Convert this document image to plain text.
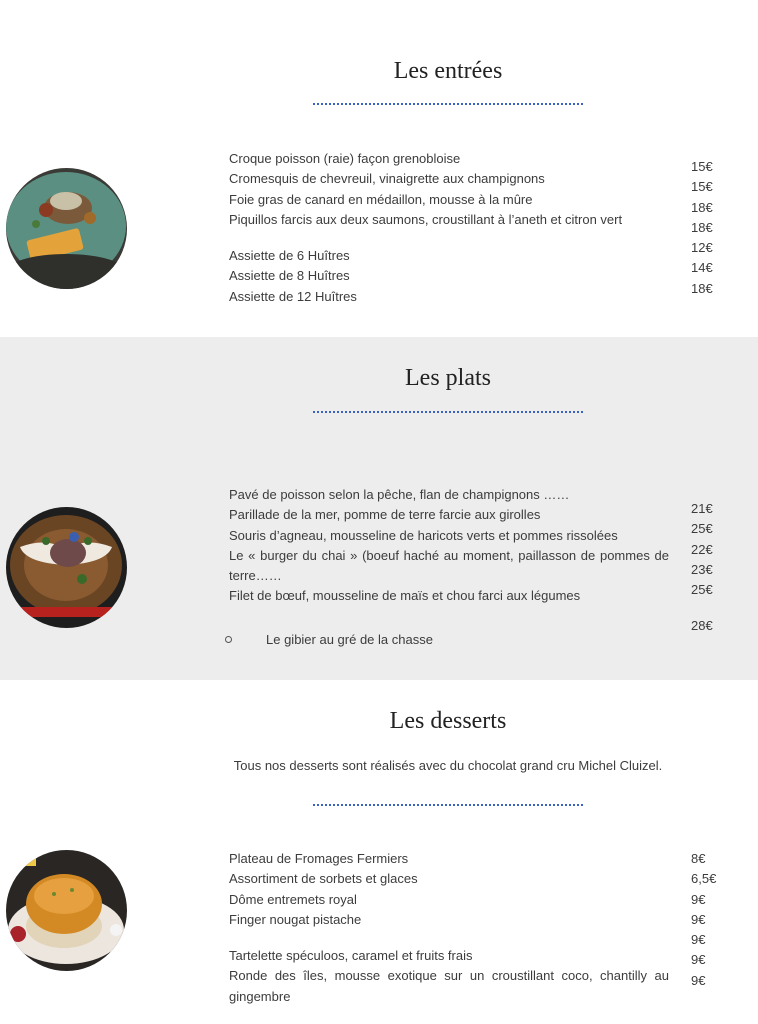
Les entrées
Croque poisson (raie) façon grenobloise
Cromesquis de chevreuil, vinaigrette aux champignons
Foie gras de canard en médaillon, mousse à la mûre
Piquillos farcis aux deux saumons, croustillant à l’aneth et citron vert
Assiette de 6 Huîtres
Assiette de 8 Huîtres
Assiette de 12 Huîtres
15€
15€
18€
18€
12€
14€
18€
Les plats
Pavé de poisson selon la pêche, flan de champignons ……
Parillade de la mer, pomme de terre farcie aux girolles
Souris d’agneau, mousseline de haricots verts et pommes rissolées
Le « burger du chai » (boeuf haché au moment, paillasson de pommes de terre……
Filet de bœuf, mousseline de maïs et chou farci aux légumes
21€
25€
22€
23€
25€
28€
Le gibier au gré de la chasse
Les desserts
Tous nos desserts sont réalisés avec du chocolat grand cru Michel Cluizel.
Plateau de Fromages Fermiers
Assortiment de sorbets et glaces
Dôme entremets royal
Finger nougat pistache
Tartelette spéculoos, caramel et fruits frais
Ronde des îles, mousse exotique sur un croustillant coco, chantilly au gingembre
8€
6,5€
9€
9€
9€
9€
9€
